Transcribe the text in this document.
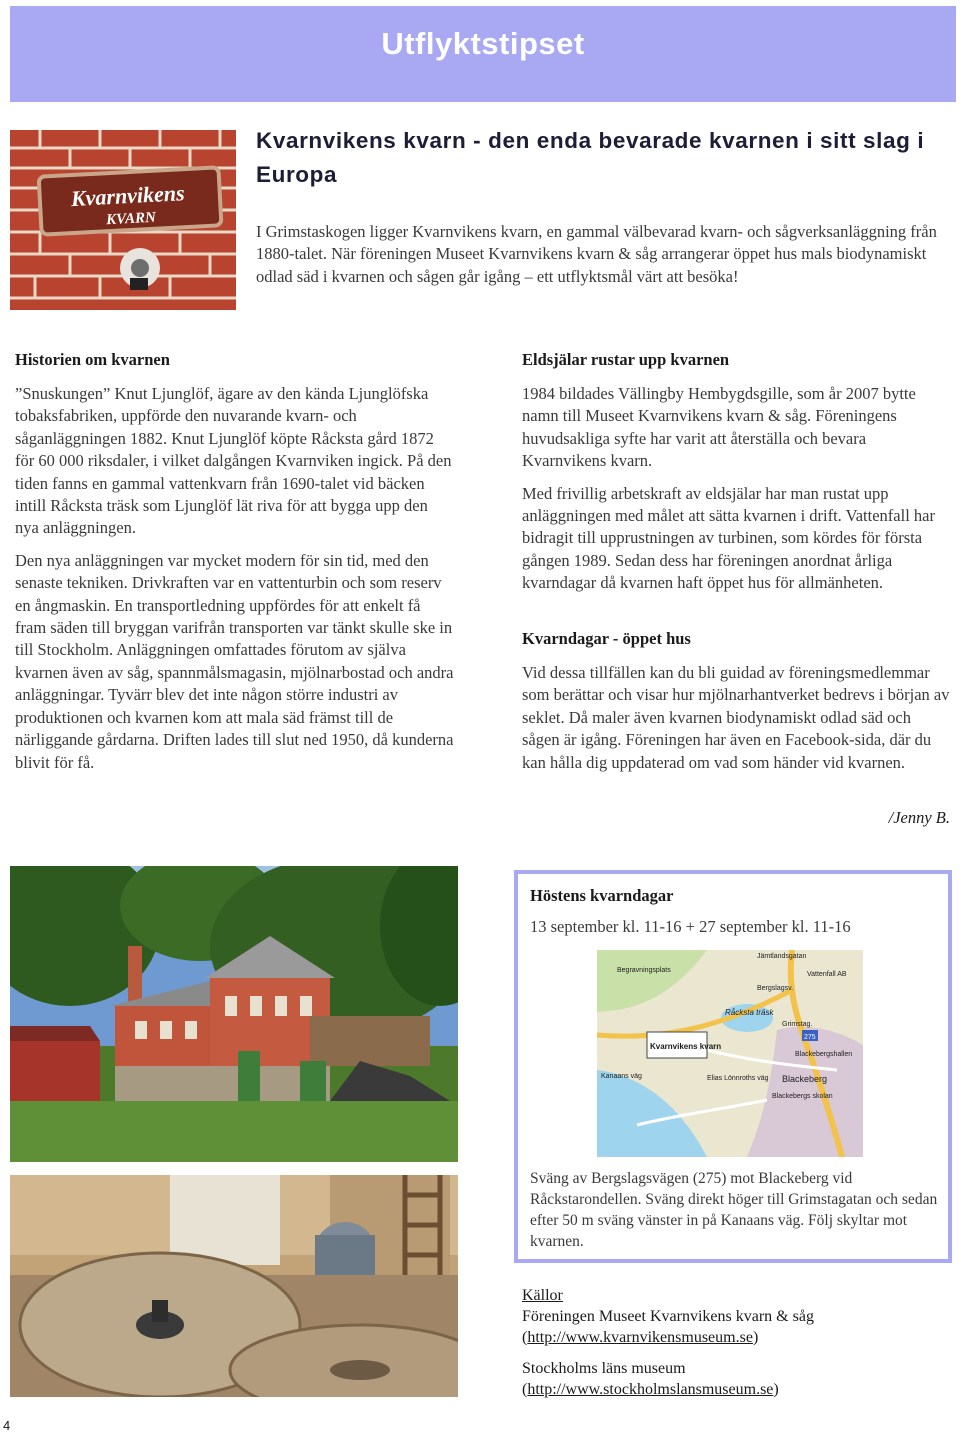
Utflyktstipset
Kvarnvikens
KVARN
Kvarnvikens kvarn - den enda bevarade kvarnen i sitt slag i Europa
I Grimstaskogen ligger Kvarnvikens kvarn, en gammal välbevarad kvarn- och sågverksanläggning från 1880-talet. När föreningen Museet Kvarnvikens kvarn & såg arrangerar öppet hus mals biodynamiskt odlad säd i kvarnen och sågen går igång – ett utflyktsmål värt att besöka!
Historien om kvarnen

”Snuskungen” Knut Ljunglöf, ägare av den kända Ljunglöfska tobaksfabriken, uppförde den nuvarande kvarn- och såganläggningen 1882. Knut Ljunglöf köpte Råcksta gård 1872 för 60 000 riksdaler, i vilket dalgången Kvarnviken ingick. På den tiden fanns en gammal vattenkvarn från 1690-talet vid bäcken intill Råcksta träsk som Ljunglöf lät riva för att bygga upp den nya anläggningen.

Den nya anläggningen var mycket modern för sin tid, med den senaste tekniken. Drivkraften var en vattenturbin och som reserv en ångmaskin. En transportledning uppfördes för att enkelt få fram säden till bryggan varifrån transporten var tänkt skulle ske in till Stockholm. Anläggningen omfattades förutom av själva kvarnen även av såg, spannmålsmagasin, mjölnarbostad och andra anläggningar. Tyvärr blev det inte någon större industri av produktionen och kvarnen kom att mala säd främst till de närliggande gårdarna. Driften lades till slut ned 1950, då kunderna blivit för få.

Eldsjälar rustar upp kvarnen

1984 bildades Vällingby Hembygdsgille, som år 2007 bytte namn till Museet Kvarnvikens kvarn & såg. Föreningens huvudsakliga syfte har varit att återställa och bevara Kvarnvikens kvarn.

Med frivillig arbetskraft av eldsjälar har man rustat upp anläggningen med målet att sätta kvarnen i drift. Vattenfall har bidragit till upprustningen av turbinen, som kördes för första gången 1989. Sedan dess har föreningen anordnat årliga kvarndagar då kvarnen haft öppet hus för allmänheten.

Kvarndagar - öppet hus

Vid dessa tillfällen kan du bli guidad av föreningsmedlemmar som berättar och visar hur mjölnarhantverket bedrevs i början av seklet. Då maler även kvarnen biodynamiskt odlad säd och sågen är igång. Föreningen har även en Facebook-sida, där du kan hålla dig uppdaterad om vad som händer vid kvarnen.

/Jenny B.
Höstens kvarndagar
13 september kl. 11-16 + 27 september kl. 11-16
Jämtlandsgatan
Begravningsplats
Bergslagsv.
Vattenfall AB
Råcksta träsk
Grimstag.
Blackebergshallen
Blackeberg
Blackebergs skolan
Kanaans väg	Elias Lönnroths väg
275
Kvarnvikens kvarn
Sväng av Bergslagsvägen (275) mot Blackeberg vid Råckstarondellen. Sväng direkt höger till Grimstagatan och sedan efter 50 m sväng vänster in på Kanaans väg. Följ skyltar mot kvarnen.

Källor

Föreningen Museet Kvarnvikens kvarn & såg
(http://www.kvarnvikensmuseum.se)

Stockholms läns museum
(http://www.stockholmslansmuseum.se)

4
